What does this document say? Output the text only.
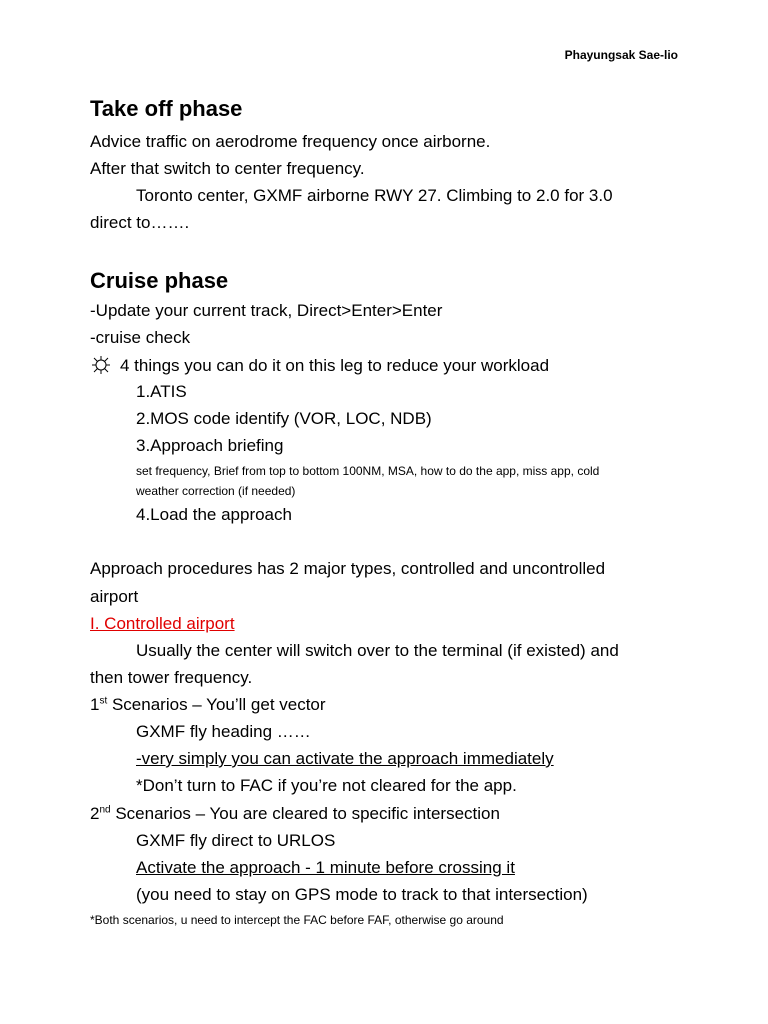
Phayungsak Sae-lio
Take off phase
Advice traffic on aerodrome frequency once airborne.
After that switch to center frequency.
Toronto center, GXMF airborne RWY 27. Climbing to 2.0 for 3.0
direct to…….
Cruise phase
-Update your current track, Direct>Enter>Enter
-cruise check
4 things you can do it on this leg to reduce your workload
1.ATIS
2.MOS code identify (VOR, LOC, NDB)
3.Approach briefing
set frequency, Brief from top to bottom 100NM, MSA, how to do the app, miss app, cold
weather correction (if needed)
4.Load the approach
Approach procedures has 2 major types, controlled and uncontrolled
airport
I. Controlled airport
Usually the center will switch over to the terminal (if existed) and
then tower frequency.
1st Scenarios – You’ll get vector
GXMF fly heading ……
-very simply you can activate the approach immediately
*Don’t turn to FAC if you’re not cleared for the app.
2nd Scenarios – You are cleared to specific intersection
GXMF fly direct to URLOS
Activate the approach - 1 minute before crossing it
(you need to stay on GPS mode to track to that intersection)
*Both scenarios, u need to intercept the FAC before FAF, otherwise go around
